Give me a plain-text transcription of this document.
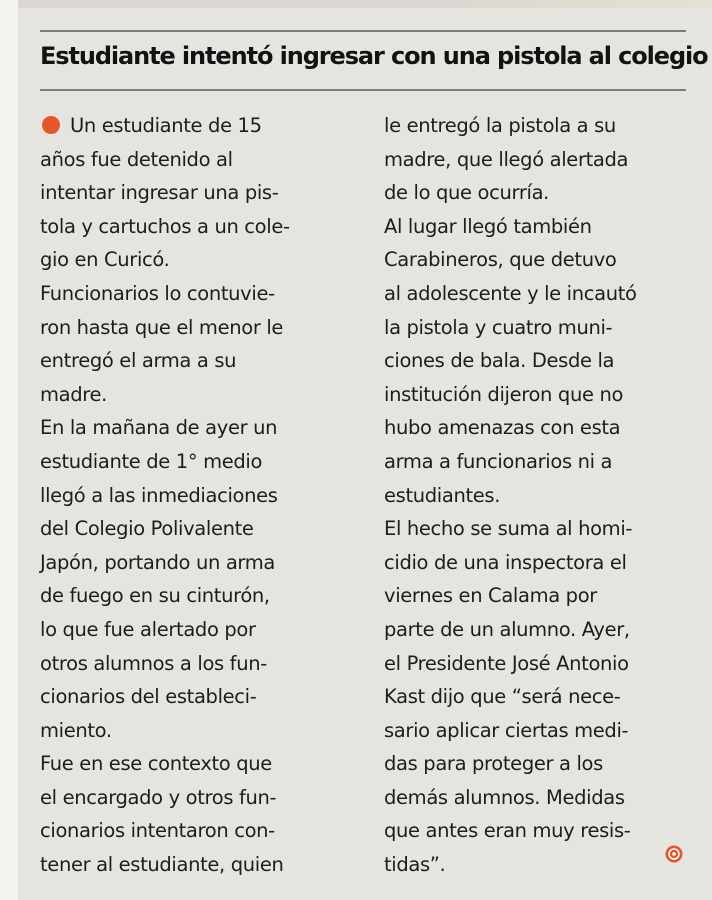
Estudiante intentó ingresar con una pistola al colegio
Un estudiante de 15
años fue detenido al
intentar ingresar una pis-
tola y cartuchos a un cole-
gio en Curicó.
Funcionarios lo contuvie-
ron hasta que el menor le
entregó el arma a su
madre.
En la mañana de ayer un
estudiante de 1° medio
llegó a las inmediaciones
del Colegio Polivalente
Japón, portando un arma
de fuego en su cinturón,
lo que fue alertado por
otros alumnos a los fun-
cionarios del estableci-
miento.
Fue en ese contexto que
el encargado y otros fun-
cionarios intentaron con-
tener al estudiante, quien
le entregó la pistola a su
madre, que llegó alertada
de lo que ocurría.
Al lugar llegó también
Carabineros, que detuvo
al adolescente y le incautó
la pistola y cuatro muni-
ciones de bala. Desde la
institución dijeron que no
hubo amenazas con esta
arma a funcionarios ni a
estudiantes.
El hecho se suma al homi-
cidio de una inspectora el
viernes en Calama por
parte de un alumno. Ayer,
el Presidente José Antonio
Kast dijo que “será nece-
sario aplicar ciertas medi-
das para proteger a los
demás alumnos. Medidas
que antes eran muy resis-
tidas”.
